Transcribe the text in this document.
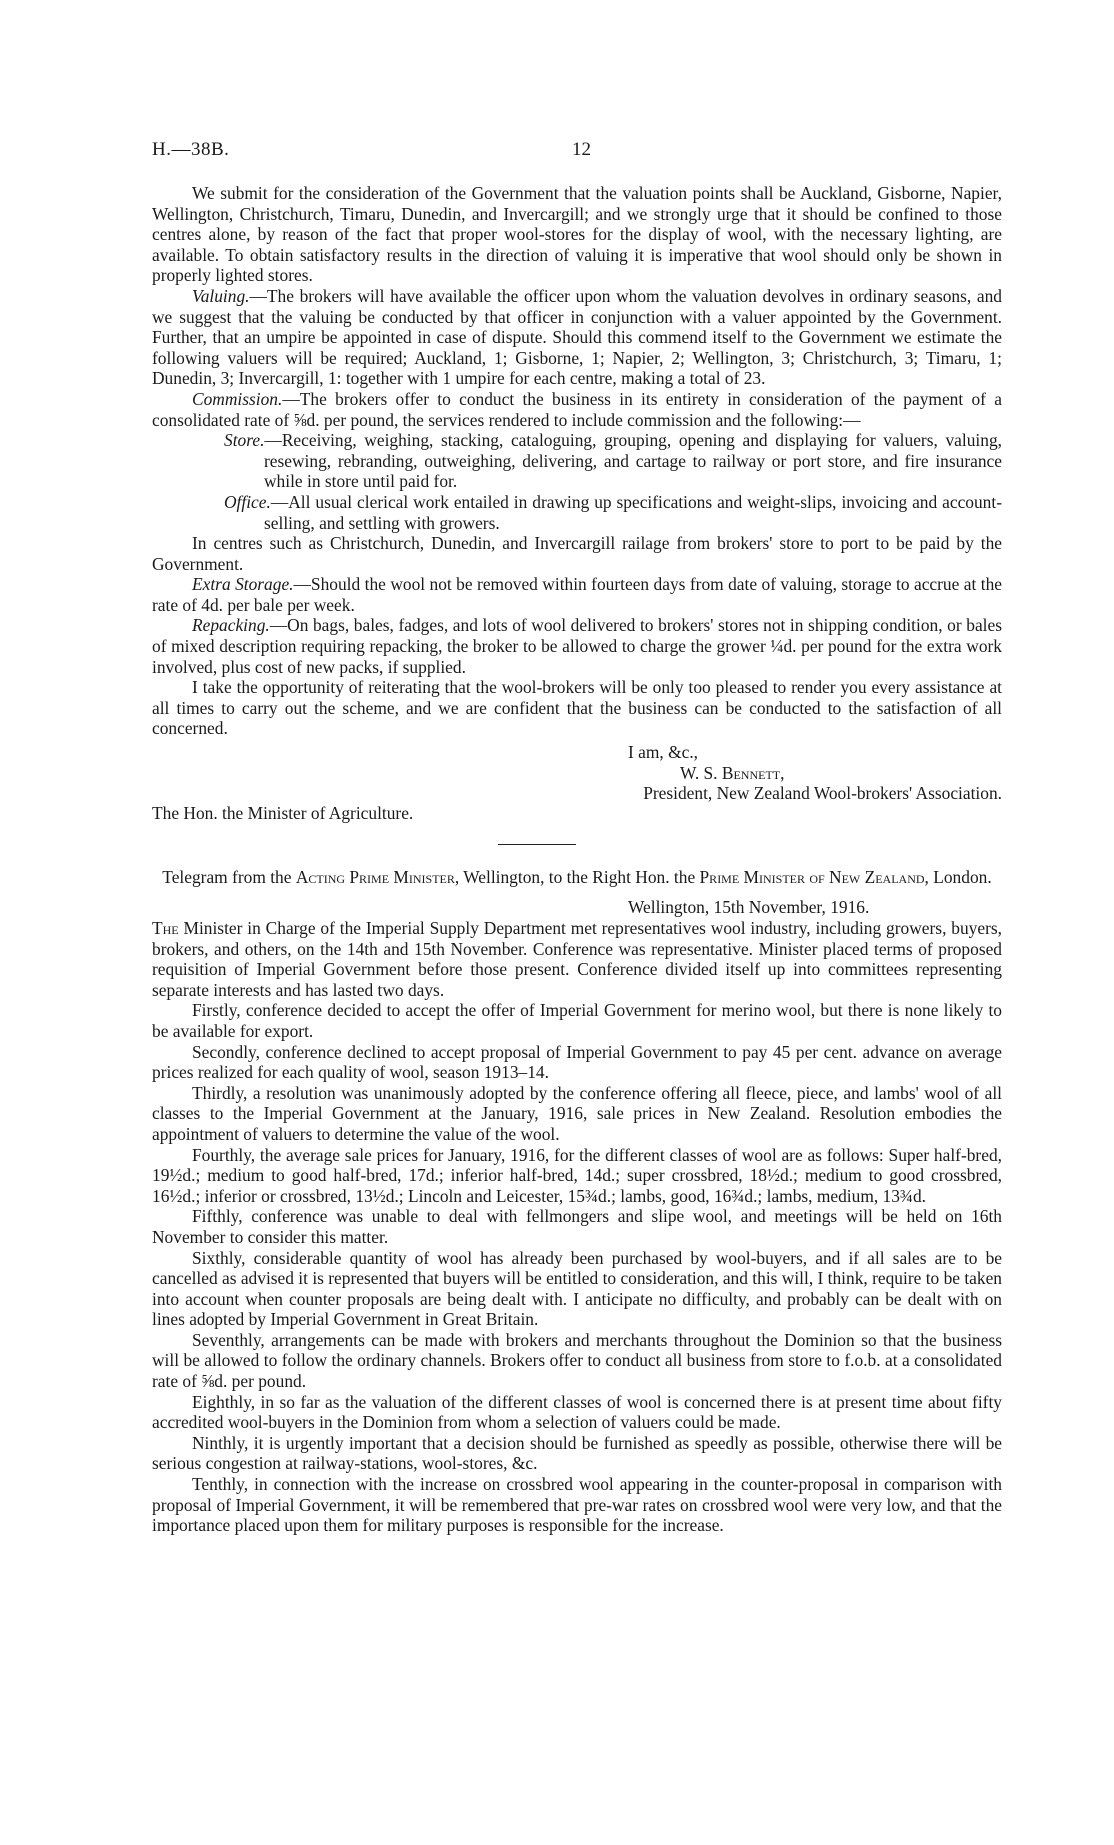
H.—38B.	12

We submit for the consideration of the Government that the valuation points shall be Auckland, Gisborne, Napier, Wellington, Christchurch, Timaru, Dunedin, and Invercargill; and we strongly urge that it should be confined to those centres alone, by reason of the fact that proper wool-stores for the display of wool, with the necessary lighting, are available. To obtain satisfactory results in the direction of valuing it is imperative that wool should only be shown in properly lighted stores.

Valuing.—The brokers will have available the officer upon whom the valuation devolves in ordinary seasons, and we suggest that the valuing be conducted by that officer in conjunction with a valuer appointed by the Government. Further, that an umpire be appointed in case of dispute. Should this commend itself to the Government we estimate the following valuers will be required; Auckland, 1; Gisborne, 1; Napier, 2; Wellington, 3; Christchurch, 3; Timaru, 1; Dunedin, 3; Invercargill, 1: together with 1 umpire for each centre, making a total of 23.

Commission.—The brokers offer to conduct the business in its entirety in consideration of the payment of a consolidated rate of ⅝d. per pound, the services rendered to include commission and the following:—

Store.—Receiving, weighing, stacking, cataloguing, grouping, opening and displaying for valuers, valuing, resewing, rebranding, outweighing, delivering, and cartage to railway or port store, and fire insurance while in store until paid for.

Office.—All usual clerical work entailed in drawing up specifications and weight-slips, invoicing and account-selling, and settling with growers.

In centres such as Christchurch, Dunedin, and Invercargill railage from brokers' store to port to be paid by the Government.

Extra Storage.—Should the wool not be removed within fourteen days from date of valuing, storage to accrue at the rate of 4d. per bale per week.

Repacking.—On bags, bales, fadges, and lots of wool delivered to brokers' stores not in shipping condition, or bales of mixed description requiring repacking, the broker to be allowed to charge the grower ¼d. per pound for the extra work involved, plus cost of new packs, if supplied.

I take the opportunity of reiterating that the wool-brokers will be only too pleased to render you every assistance at all times to carry out the scheme, and we are confident that the business can be conducted to the satisfaction of all concerned.

I am, &c.,

W. S. Bennett,

The Hon. the Minister of Agriculture.
President, New Zealand Wool-brokers' Association.

Telegram from the Acting Prime Minister, Wellington, to the Right Hon. the Prime Minister of New Zealand, London.

Wellington, 15th November, 1916.

The Minister in Charge of the Imperial Supply Department met representatives wool industry, including growers, buyers, brokers, and others, on the 14th and 15th November. Conference was representative. Minister placed terms of proposed requisition of Imperial Government before those present. Conference divided itself up into committees representing separate interests and has lasted two days.

Firstly, conference decided to accept the offer of Imperial Government for merino wool, but there is none likely to be available for export.

Secondly, conference declined to accept proposal of Imperial Government to pay 45 per cent. advance on average prices realized for each quality of wool, season 1913–14.

Thirdly, a resolution was unanimously adopted by the conference offering all fleece, piece, and lambs' wool of all classes to the Imperial Government at the January, 1916, sale prices in New Zealand. Resolution embodies the appointment of valuers to determine the value of the wool.

Fourthly, the average sale prices for January, 1916, for the different classes of wool are as follows: Super half-bred, 19½d.; medium to good half-bred, 17d.; inferior half-bred, 14d.; super crossbred, 18½d.; medium to good crossbred, 16½d.; inferior or crossbred, 13½d.; Lincoln and Leicester, 15¾d.; lambs, good, 16¾d.; lambs, medium, 13¾d.

Fifthly, conference was unable to deal with fellmongers and slipe wool, and meetings will be held on 16th November to consider this matter.

Sixthly, considerable quantity of wool has already been purchased by wool-buyers, and if all sales are to be cancelled as advised it is represented that buyers will be entitled to consideration, and this will, I think, require to be taken into account when counter proposals are being dealt with. I anticipate no difficulty, and probably can be dealt with on lines adopted by Imperial Government in Great Britain.

Seventhly, arrangements can be made with brokers and merchants throughout the Dominion so that the business will be allowed to follow the ordinary channels. Brokers offer to conduct all business from store to f.o.b. at a consolidated rate of ⅝d. per pound.

Eighthly, in so far as the valuation of the different classes of wool is concerned there is at present time about fifty accredited wool-buyers in the Dominion from whom a selection of valuers could be made.

Ninthly, it is urgently important that a decision should be furnished as speedly as possible, otherwise there will be serious congestion at railway-stations, wool-stores, &c.

Tenthly, in connection with the increase on crossbred wool appearing in the counter-proposal in comparison with proposal of Imperial Government, it will be remembered that pre-war rates on crossbred wool were very low, and that the importance placed upon them for military purposes is responsible for the increase.
